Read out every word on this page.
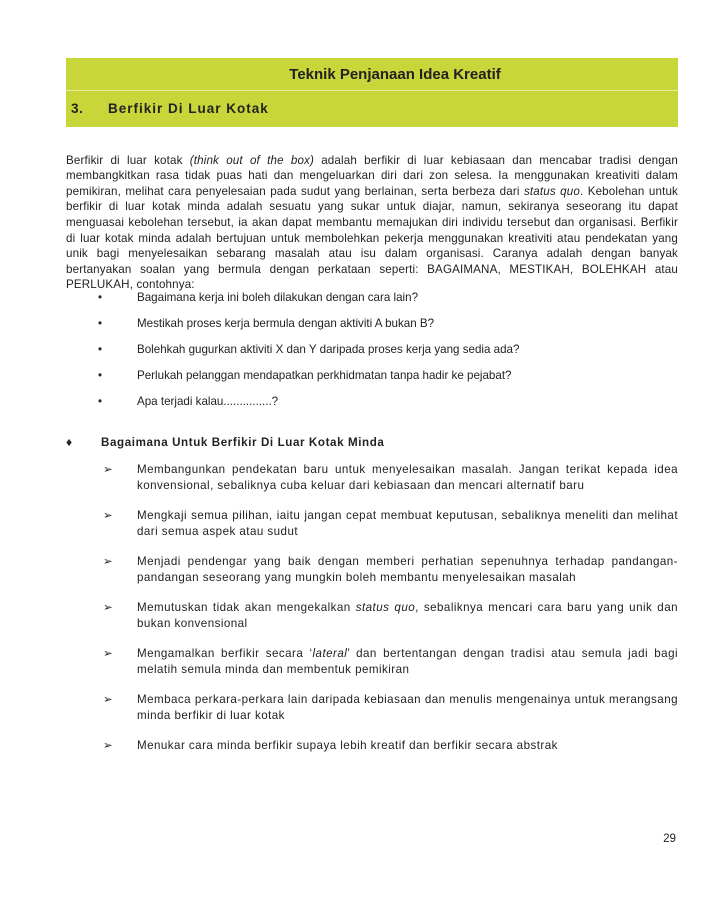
Teknik Penjanaan Idea Kreatif
3. Berfikir Di Luar Kotak

Berfikir di luar kotak (think out of the box) adalah berfikir di luar kebiasaan dan mencabar tradisi dengan membangkitkan rasa tidak puas hati dan mengeluarkan diri dari zon selesa. Ia menggunakan kreativiti dalam pemikiran, melihat cara penyelesaian pada sudut yang berlainan, serta berbeza dari status quo. Kebolehan untuk berfikir di luar kotak minda adalah sesuatu yang sukar untuk diajar, namun, sekiranya seseorang itu dapat menguasai kebolehan tersebut, ia akan dapat membantu memajukan diri individu tersebut dan organisasi. Berfikir di luar kotak minda adalah bertujuan untuk membolehkan pekerja menggunakan kreativiti atau pendekatan yang unik bagi menyelesaikan sebarang masalah atau isu dalam organisasi. Caranya adalah dengan banyak bertanyakan soalan yang bermula dengan perkataan seperti: BAGAIMANA, MESTIKAH, BOLEHKAH atau PERLUKAH, contohnya:

•	Bagaimana kerja ini boleh dilakukan dengan cara lain?
•	Mestikah proses kerja bermula dengan aktiviti A bukan B?
•	Bolehkah gugurkan aktiviti X dan Y daripada proses kerja yang sedia ada?
•	Perlukah pelanggan mendapatkan perkhidmatan tanpa hadir ke pejabat?
•	Apa terjadi kalau...............?
♦ Bagaimana Untuk Berfikir Di Luar Kotak Minda
➢ Membangunkan pendekatan baru untuk menyelesaikan masalah. Jangan terikat kepada idea konvensional, sebaliknya cuba keluar dari kebiasaan dan mencari alternatif baru
➢ Mengkaji semua pilihan, iaitu jangan cepat membuat keputusan, sebaliknya meneliti dan melihat dari semua aspek atau sudut
➢ Menjadi pendengar yang baik dengan memberi perhatian sepenuhnya terhadap pandangan-pandangan seseorang yang mungkin boleh membantu menyelesaikan masalah
➢ Memutuskan tidak akan mengekalkan status quo, sebaliknya mencari cara baru yang unik dan bukan konvensional
➢ Mengamalkan berfikir secara ‘lateral’ dan bertentangan dengan tradisi atau semula jadi bagi melatih semula minda dan membentuk pemikiran
➢ Membaca perkara-perkara lain daripada kebiasaan dan menulis mengenainya untuk merangsang minda berfikir di luar kotak
➢ Menukar cara minda berfikir supaya lebih kreatif dan berfikir secara abstrak
29
